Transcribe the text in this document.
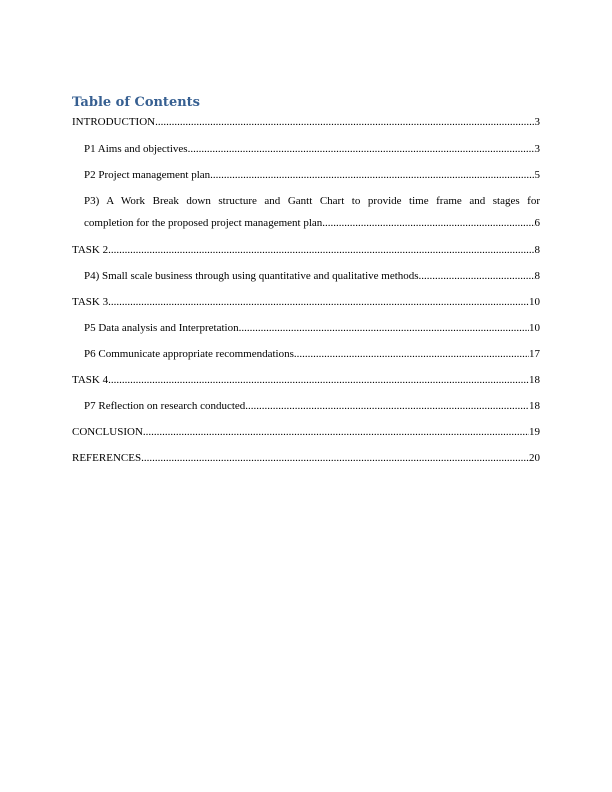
Table of Contents
INTRODUCTION .....	3
P1 Aims and objectives .....	3
P2 Project management plan .....	5
P3) A Work Break down structure and Gantt Chart to provide time frame and stages for
completion for the proposed project management plan .....	6
TASK 2 .....	8
P4) Small scale business through using quantitative and qualitative methods .....	8
TASK 3 .....	10
P5 Data analysis and Interpretation .....	10
P6 Communicate appropriate recommendations .....	17
TASK 4 .....	18
P7 Reflection on research conducted .....	18
CONCLUSION .....	19
REFERENCES .....	20
